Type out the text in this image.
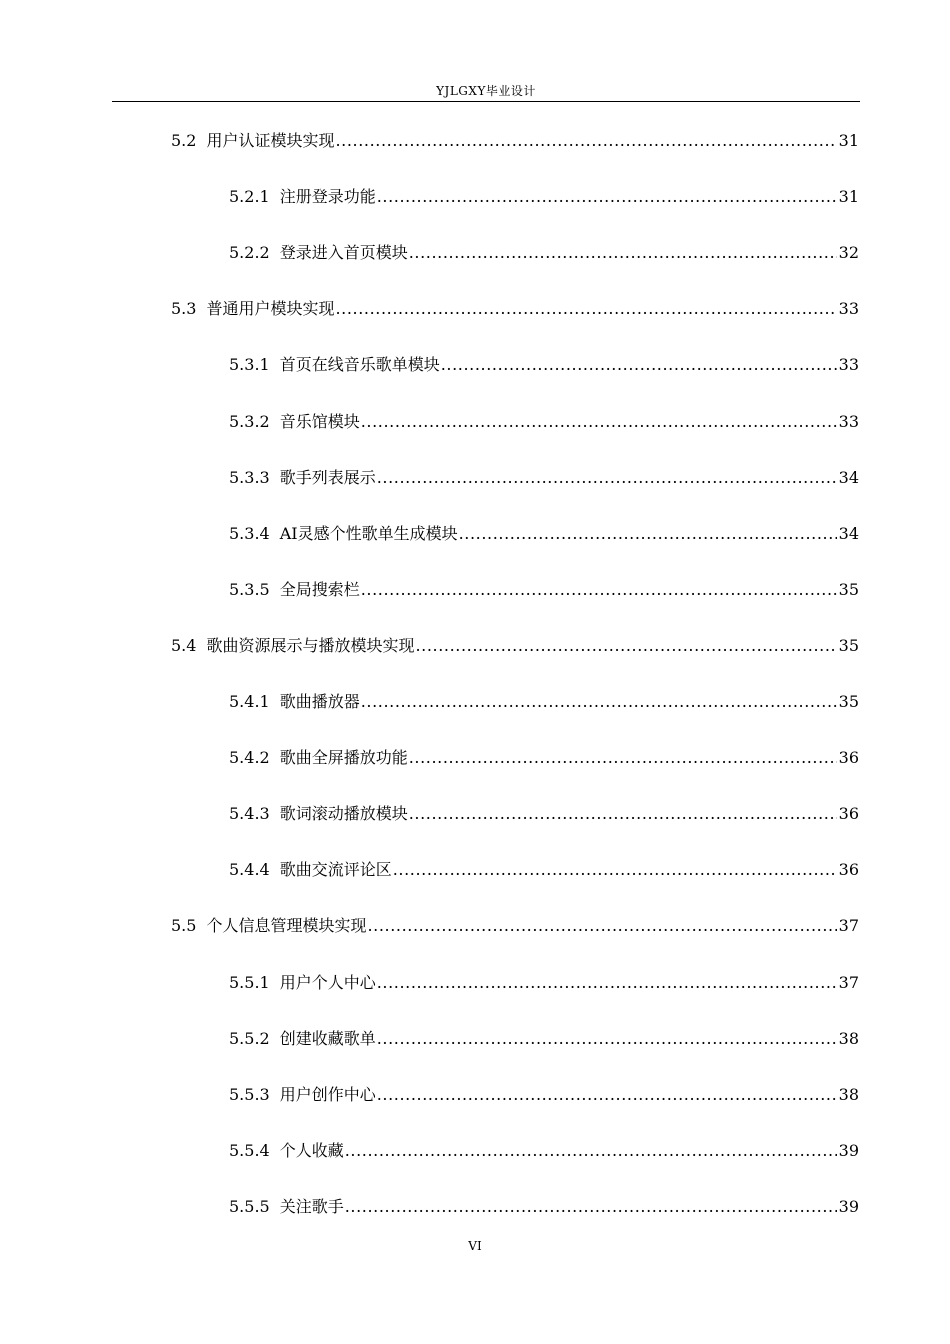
YJLGXY毕业设计
5.2 用户认证模块实现 .....	31
5.2.1 注册登录功能 .....	31
5.2.2 登录进入首页模块 .....	32
5.3 普通用户模块实现 .....	33
5.3.1 首页在线音乐歌单模块 .....	33
5.3.2 音乐馆模块 .....	33
5.3.3 歌手列表展示 .....	34
5.3.4 AI灵感个性歌单生成模块 .....	34
5.3.5 全局搜索栏 .....	35
5.4 歌曲资源展示与播放模块实现 .....	35
5.4.1 歌曲播放器 .....	35
5.4.2 歌曲全屏播放功能 .....	36
5.4.3 歌词滚动播放模块 .....	36
5.4.4 歌曲交流评论区 .....	36
5.5 个人信息管理模块实现 .....	37
5.5.1 用户个人中心 .....	37
5.5.2 创建收藏歌单 .....	38
5.5.3 用户创作中心 .....	38
5.5.4 个人收藏 .....	39
5.5.5 关注歌手 .....	39
VI
